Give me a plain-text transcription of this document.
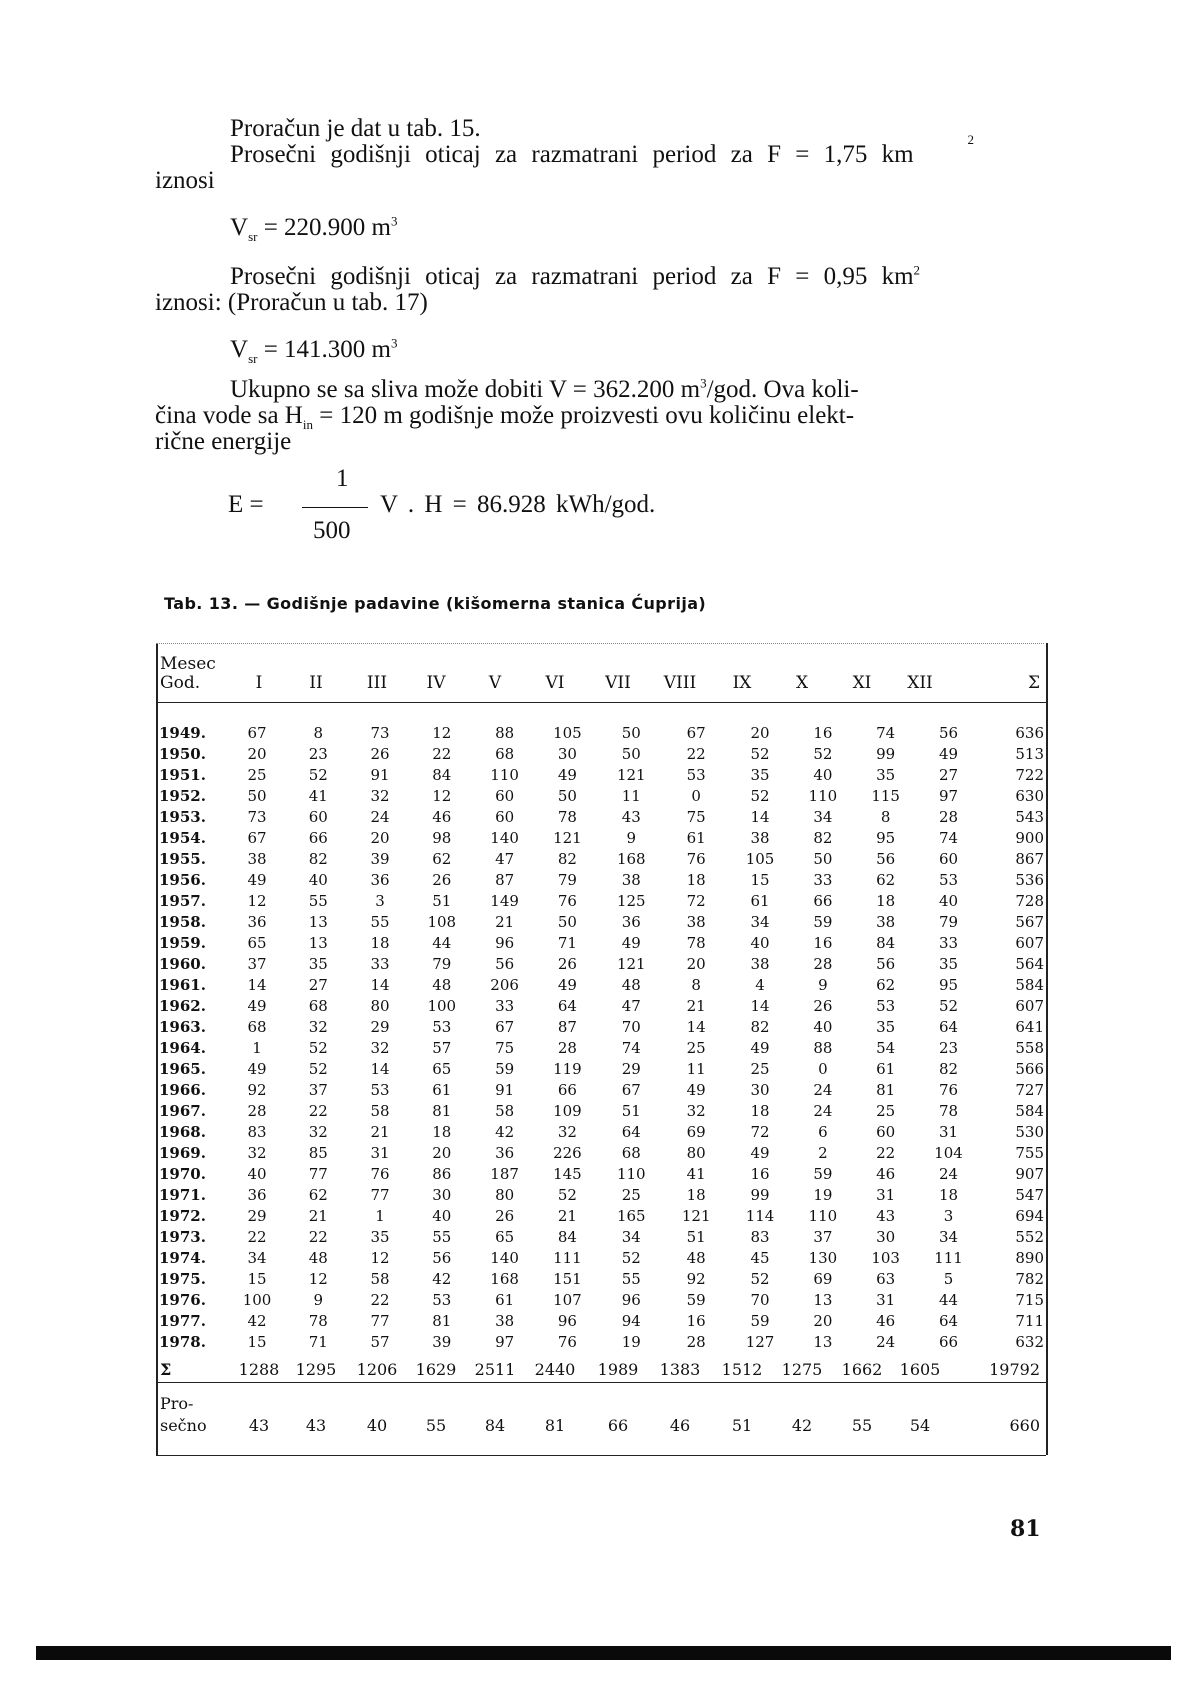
Proračun je dat u tab. 15.
Prosečni godišnji oticaj za razmatrani period za F = 1,75 km
2
iznosi
$V_{sr} = 220.900$ $m^3$
Prosečni godišnji oticaj za razmatrani period za F = 0,95 $km^2$
iznosi: (Proračun u tab. 17)
$V_{sr} = 141.300$ $m^3$
Ukupno se sa sliva može dobiti V = 362.200 $m^3$/god. Ova koli-
čina vode sa $H_{in} = 120$ m godišnje može proizvesti ovu količinu elekt-
rične energije
E =
1
500
V . H = 86.928 kWh/god.
Tab. 13. — Godišnje padavine (kišomerna stanica Ćuprija)
Mesec
God.	I	II	III	IV	V	VI	VII	VIII	IX	X	XI	XII	Σ
1949.	67	8	73	12	88	105	50	67	20	16	74	56	636
1950.	20	23	26	22	68	30	50	22	52	52	99	49	513
1951.	25	52	91	84	110	49	121	53	35	40	35	27	722
1952.	50	41	32	12	60	50	11	0	52	110	115	97	630
1953.	73	60	24	46	60	78	43	75	14	34	8	28	543
1954.	67	66	20	98	140	121	9	61	38	82	95	74	900
1955.	38	82	39	62	47	82	168	76	105	50	56	60	867
1956.	49	40	36	26	87	79	38	18	15	33	62	53	536
1957.	12	55	3	51	149	76	125	72	61	66	18	40	728
1958.	36	13	55	108	21	50	36	38	34	59	38	79	567
1959.	65	13	18	44	96	71	49	78	40	16	84	33	607
1960.	37	35	33	79	56	26	121	20	38	28	56	35	564
1961.	14	27	14	48	206	49	48	8	4	9	62	95	584
1962.	49	68	80	100	33	64	47	21	14	26	53	52	607
1963.	68	32	29	53	67	87	70	14	82	40	35	64	641
1964.	1	52	32	57	75	28	74	25	49	88	54	23	558
1965.	49	52	14	65	59	119	29	11	25	0	61	82	566
1966.	92	37	53	61	91	66	67	49	30	24	81	76	727
1967.	28	22	58	81	58	109	51	32	18	24	25	78	584
1968.	83	32	21	18	42	32	64	69	72	6	60	31	530
1969.	32	85	31	20	36	226	68	80	49	2	22	104	755
1970.	40	77	76	86	187	145	110	41	16	59	46	24	907
1971.	36	62	77	30	80	52	25	18	99	19	31	18	547
1972.	29	21	1	40	26	21	165	121	114	110	43	3	694
1973.	22	22	35	55	65	84	34	51	83	37	30	34	552
1974.	34	48	12	56	140	111	52	48	45	130	103	111	890
1975.	15	12	58	42	168	151	55	92	52	69	63	5	782
1976.	100	9	22	53	61	107	96	59	70	13	31	44	715
1977.	42	78	77	81	38	96	94	16	59	20	46	64	711
1978.	15	71	57	39	97	76	19	28	127	13	24	66	632
Σ	1288	1295	1206	1629	2511	2440	1989	1383	1512	1275	1662	1605	19792
Pro-
sečno	43	43	40	55	84	81	66	46	51	42	55	54	660
81
